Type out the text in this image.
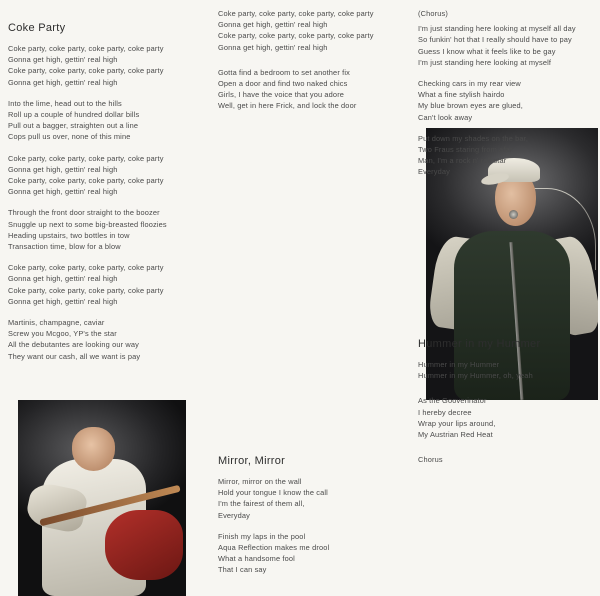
Coke Party
Coke party, coke party, coke party, coke party
Gonna get high, gettin' real high
Coke party, coke party, coke party, coke party
Gonna get high, gettin' real high
Into the lime, head out to the hills
Roll up a couple of hundred dollar bills
Pull out a bagger, straighten out a line
Cops pull us over, none of this mine
Coke party, coke party, coke party, coke party
Gonna get high, gettin' real high
Coke party, coke party, coke party, coke party
Gonna get high, gettin' real high
Through the front door straight to the boozer
Snuggle up next to some big-breasted floozies
Heading upstairs, two bottles in tow
Transaction time, blow for a blow
Coke party, coke party, coke party, coke party
Gonna get high, gettin' real high
Coke party, coke party, coke party, coke party
Gonna get high, gettin' real high
Martinis, champagne, caviar
Screw you Mcgoo, YP's the star
All the debutantes are looking our way
They want our cash, all we want is pay
Coke party, coke party, coke party, coke party
Gonna get high, gettin' real high
Coke party, coke party, coke party, coke party
Gonna get high, gettin' real high
Gotta find a bedroom to set another fix
Open a door and find two naked chics
Girls, I have the voice that you adore
Well, get in here Frick, and lock the door
Mirror, Mirror
Mirror, mirror on the wall
Hold your tongue I know the call
I'm the fairest of them all,
Everyday
Finish my laps in the pool
Aqua Reflection makes me drool
What a handsome fool
That I can say
(Chorus)
I'm just standing here looking at myself all day
So funkin' hot that I really should have to pay
Guess I know what it feels like to be gay
I'm just standing here looking at myself
Checking cars in my rear view
What a fine stylish hairdo
My blue brown eyes are glued,
Can't look away
Put down my shades on the bar,
Two Fraus staring from afar
Man, I'm a rock n' roll star
Everyday
Hummer in my Hummer
Hummer in my Hummer
Hummer in my Hummer, oh, yeah
As the Gooverinator
I hereby decree
Wrap your lips around,
My Austrian Red Heat
Chorus
